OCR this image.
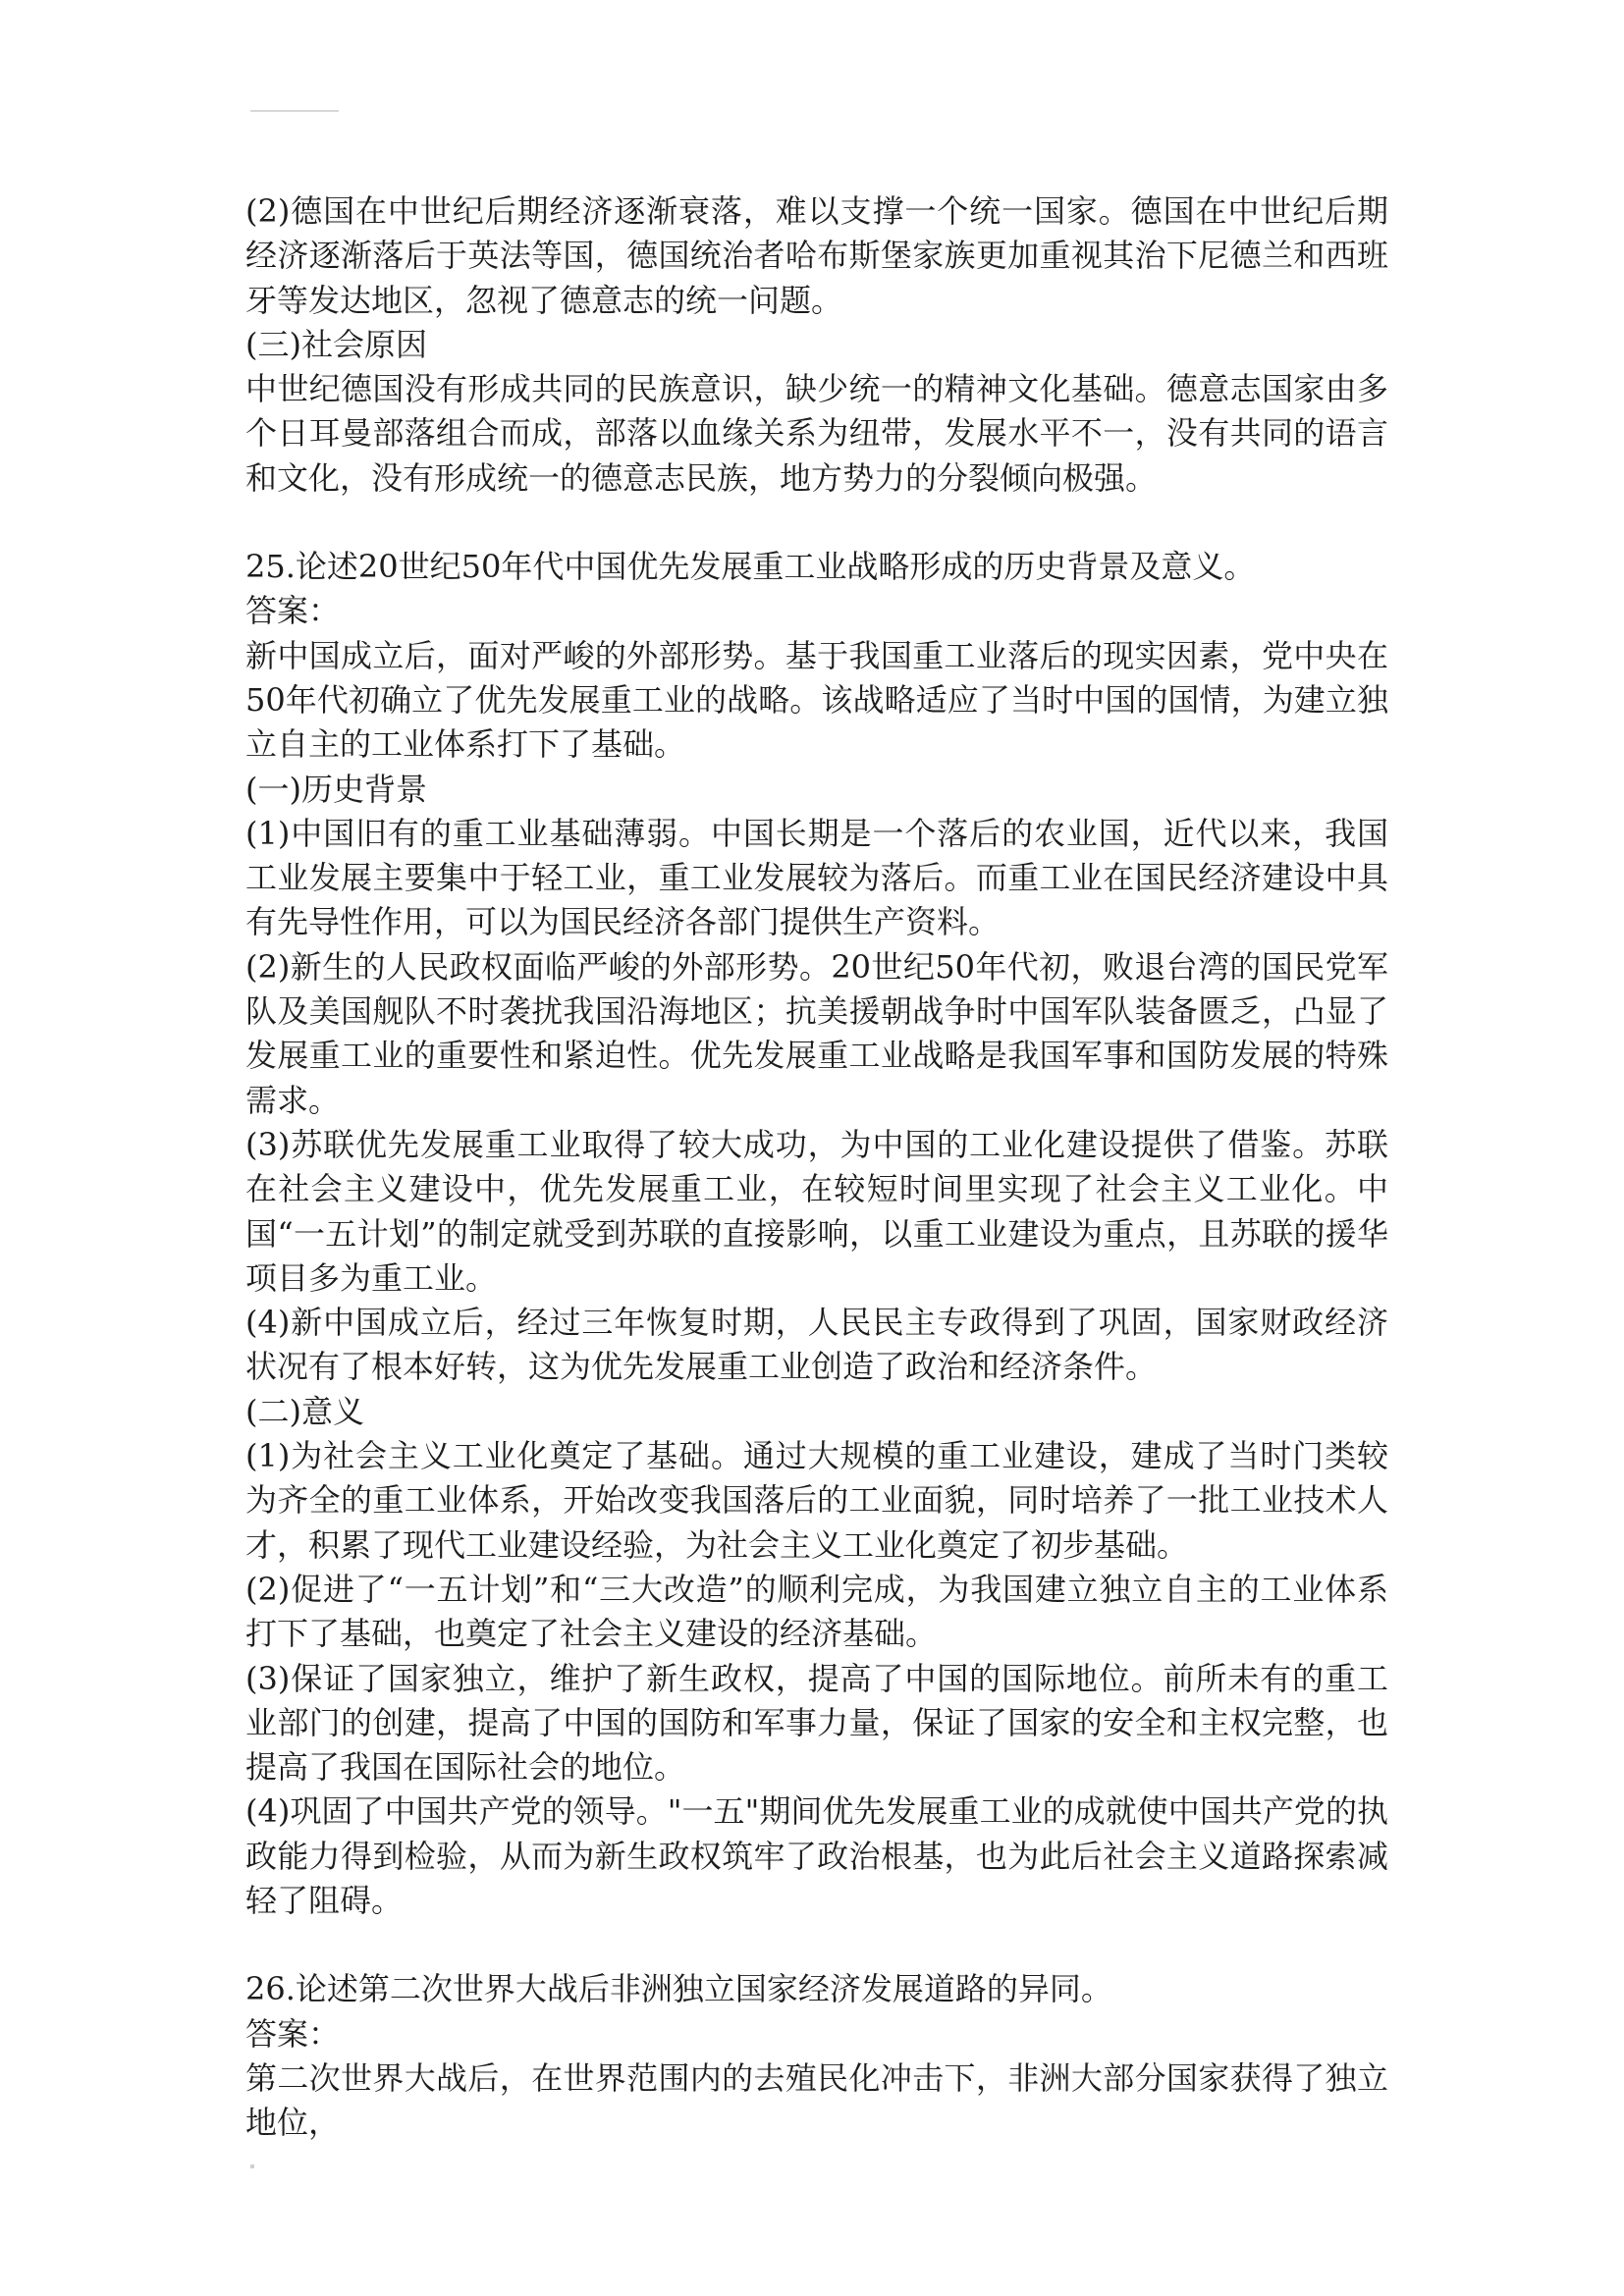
(2)德国在中世纪后期经济逐渐衰落，难以支撑一个统一国家。德国在中世纪后期经济逐渐落后于英法等国，德国统治者哈布斯堡家族更加重视其治下尼德兰和西班牙等发达地区，忽视了德意志的统一问题。

(三)社会原因

中世纪德国没有形成共同的民族意识，缺少统一的精神文化基础。德意志国家由多个日耳曼部落组合而成，部落以血缘关系为纽带，发展水平不一，没有共同的语言和文化，没有形成统一的德意志民族，地方势力的分裂倾向极强。

25.论述20世纪50年代中国优先发展重工业战略形成的历史背景及意义。

答案：

新中国成立后，面对严峻的外部形势。基于我国重工业落后的现实因素，党中央在50年代初确立了优先发展重工业的战略。该战略适应了当时中国的国情，为建立独立自主的工业体系打下了基础。

(一)历史背景

(1)中国旧有的重工业基础薄弱。中国长期是一个落后的农业国，近代以来，我国工业发展主要集中于轻工业，重工业发展较为落后。而重工业在国民经济建设中具有先导性作用，可以为国民经济各部门提供生产资料。

(2)新生的人民政权面临严峻的外部形势。20世纪50年代初，败退台湾的国民党军队及美国舰队不时袭扰我国沿海地区；抗美援朝战争时中国军队装备匮乏，凸显了发展重工业的重要性和紧迫性。优先发展重工业战略是我国军事和国防发展的特殊需求。

(3)苏联优先发展重工业取得了较大成功，为中国的工业化建设提供了借鉴。苏联在社会主义建设中，优先发展重工业，在较短时间里实现了社会主义工业化。中国“一五计划”的制定就受到苏联的直接影响，以重工业建设为重点，且苏联的援华项目多为重工业。

(4)新中国成立后，经过三年恢复时期，人民民主专政得到了巩固，国家财政经济状况有了根本好转，这为优先发展重工业创造了政治和经济条件。

(二)意义

(1)为社会主义工业化奠定了基础。通过大规模的重工业建设，建成了当时门类较为齐全的重工业体系，开始改变我国落后的工业面貌，同时培养了一批工业技术人才，积累了现代工业建设经验，为社会主义工业化奠定了初步基础。

(2)促进了“一五计划”和“三大改造”的顺利完成，为我国建立独立自主的工业体系打下了基础，也奠定了社会主义建设的经济基础。

(3)保证了国家独立，维护了新生政权，提高了中国的国际地位。前所未有的重工业部门的创建，提高了中国的国防和军事力量，保证了国家的安全和主权完整，也提高了我国在国际社会的地位。

(4)巩固了中国共产党的领导。"一五"期间优先发展重工业的成就使中国共产党的执政能力得到检验，从而为新生政权筑牢了政治根基，也为此后社会主义道路探索减轻了阻碍。

26.论述第二次世界大战后非洲独立国家经济发展道路的异同。

答案：

第二次世界大战后，在世界范围内的去殖民化冲击下，非洲大部分国家获得了独立地位，
